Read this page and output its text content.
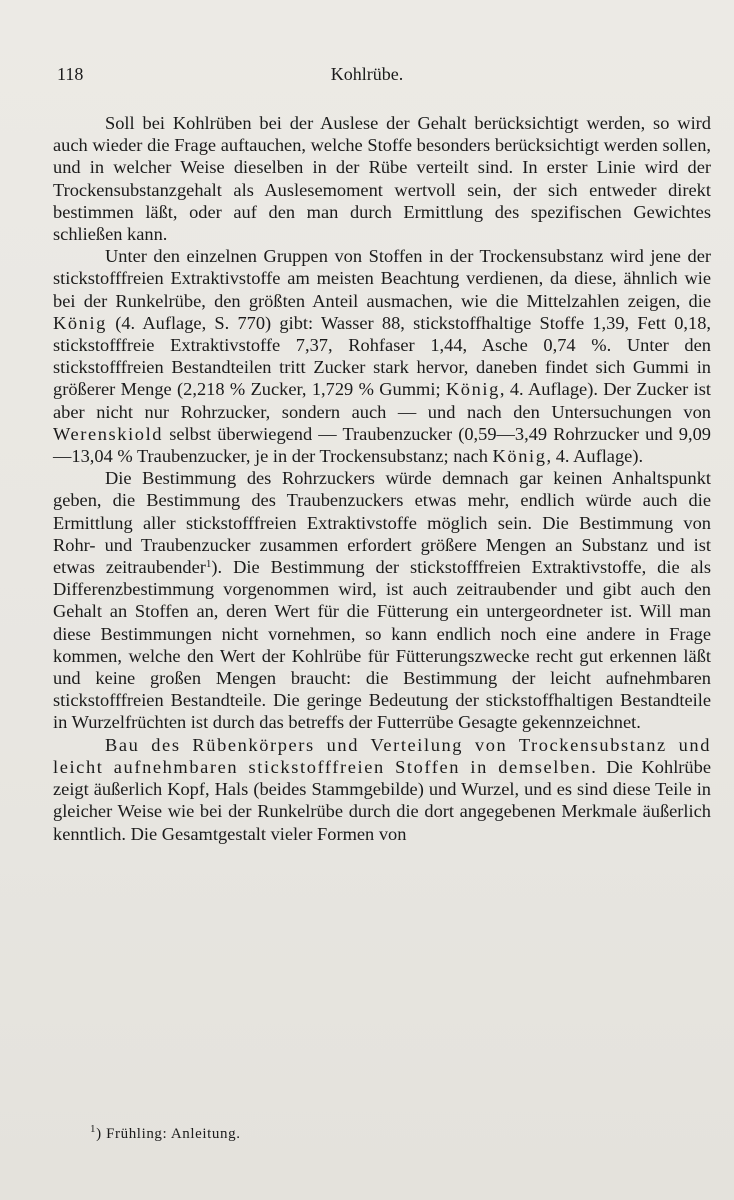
118	Kohlrübe.

Soll bei Kohlrüben bei der Auslese der Gehalt berücksichtigt werden, so wird auch wieder die Frage auftauchen, welche Stoffe besonders berücksichtigt werden sollen, und in welcher Weise dieselben in der Rübe verteilt sind. In erster Linie wird der Trockensubstanzgehalt als Auslesemoment wertvoll sein, der sich entweder direkt bestimmen läßt, oder auf den man durch Ermittlung des spezifischen Gewichtes schließen kann.

Unter den einzelnen Gruppen von Stoffen in der Trockensubstanz wird jene der stickstofffreien Extraktivstoffe am meisten Beachtung verdienen, da diese, ähnlich wie bei der Runkelrübe, den größten Anteil ausmachen, wie die Mittelzahlen zeigen, die König (4. Auflage, S. 770) gibt: Wasser 88, stickstoffhaltige Stoffe 1,39, Fett 0,18, stickstofffreie Extraktivstoffe 7,37, Rohfaser 1,44, Asche 0,74 %. Unter den stickstofffreien Bestandteilen tritt Zucker stark hervor, daneben findet sich Gummi in größerer Menge (2,218 % Zucker, 1,729 % Gummi; König, 4. Auflage). Der Zucker ist aber nicht nur Rohrzucker, sondern auch — und nach den Untersuchungen von Werenskiold selbst überwiegend — Traubenzucker (0,59—3,49 Rohrzucker und 9,09—13,04 % Traubenzucker, je in der Trockensubstanz; nach König, 4. Auflage).

Die Bestimmung des Rohrzuckers würde demnach gar keinen Anhaltspunkt geben, die Bestimmung des Traubenzuckers etwas mehr, endlich würde auch die Ermittlung aller stickstofffreien Extraktivstoffe möglich sein. Die Bestimmung von Rohr- und Traubenzucker zusammen erfordert größere Mengen an Substanz und ist etwas zeitraubender$^1$). Die Bestimmung der stickstofffreien Extraktivstoffe, die als Differenzbestimmung vorgenommen wird, ist auch zeitraubender und gibt auch den Gehalt an Stoffen an, deren Wert für die Fütterung ein untergeordneter ist. Will man diese Bestimmungen nicht vornehmen, so kann endlich noch eine andere in Frage kommen, welche den Wert der Kohlrübe für Fütterungszwecke recht gut erkennen läßt und keine großen Mengen braucht: die Bestimmung der leicht aufnehmbaren stickstofffreien Bestandteile. Die geringe Bedeutung der stickstoffhaltigen Bestandteile in Wurzelfrüchten ist durch das betreffs der Futterrübe Gesagte gekennzeichnet.

Bau des Rübenkörpers und Verteilung von Trockensubstanz und leicht aufnehmbaren stickstofffreien Stoffen in demselben. Die Kohlrübe zeigt äußerlich Kopf, Hals (beides Stammgebilde) und Wurzel, und es sind diese Teile in gleicher Weise wie bei der Runkelrübe durch die dort angegebenen Merkmale äußerlich kenntlich. Die Gesamtgestalt vieler Formen von

$^1$) Frühling: Anleitung.
